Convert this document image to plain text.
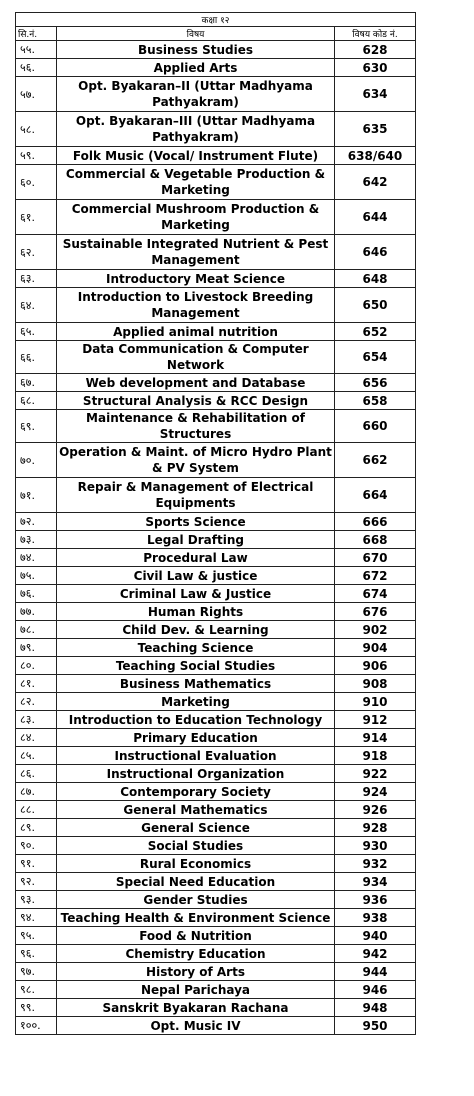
कक्षा १२		
सि.नं.	विषय	विषय कोड नं.
५५.	Business Studies	628
५६.	Applied Arts	630
५७.	Opt. Byakaran–II (Uttar Madhyama Pathyakram)	634
५८.	Opt. Byakaran–III (Uttar Madhyama Pathyakram)	635
५९.	Folk Music (Vocal/ Instrument Flute)	638/640
६०.	Commercial & Vegetable Production & Marketing	642
६१.	Commercial Mushroom Production & Marketing	644
६२.	Sustainable Integrated Nutrient & Pest Management	646
६३.	Introductory Meat Science	648
६४.	Introduction to Livestock Breeding Management	650
६५.	Applied animal nutrition	652
६६.	Data Communication & Computer Network	654
६७.	Web development and Database	656
६८.	Structural Analysis & RCC Design	658
६९.	Maintenance & Rehabilitation of Structures	660
७०.	Operation & Maint. of Micro Hydro Plant & PV System	662
७१.	Repair & Management of Electrical Equipments	664
७२.	Sports Science	666
७३.	Legal Drafting	668
७४.	Procedural Law	670
७५.	Civil Law & justice	672
७६.	Criminal Law & Justice	674
७७.	Human Rights	676
७८.	Child Dev. & Learning	902
७९.	Teaching Science	904
८०.	Teaching Social Studies	906
८१.	Business Mathematics	908
८२.	Marketing	910
८३.	Introduction to Education Technology	912
८४.	Primary Education	914
८५.	Instructional Evaluation	918
८६.	Instructional Organization	922
८७.	Contemporary Society	924
८८.	General Mathematics	926
८९.	General Science	928
९०.	Social Studies	930
९१.	Rural Economics	932
९२.	Special Need Education	934
९३.	Gender Studies	936
९४.	Teaching Health & Environment Science	938
९५.	Food & Nutrition	940
९६.	Chemistry Education	942
९७.	History of Arts	944
९८.	Nepal Parichaya	946
९९.	Sanskrit Byakaran Rachana	948
१००.	Opt. Music IV	950
